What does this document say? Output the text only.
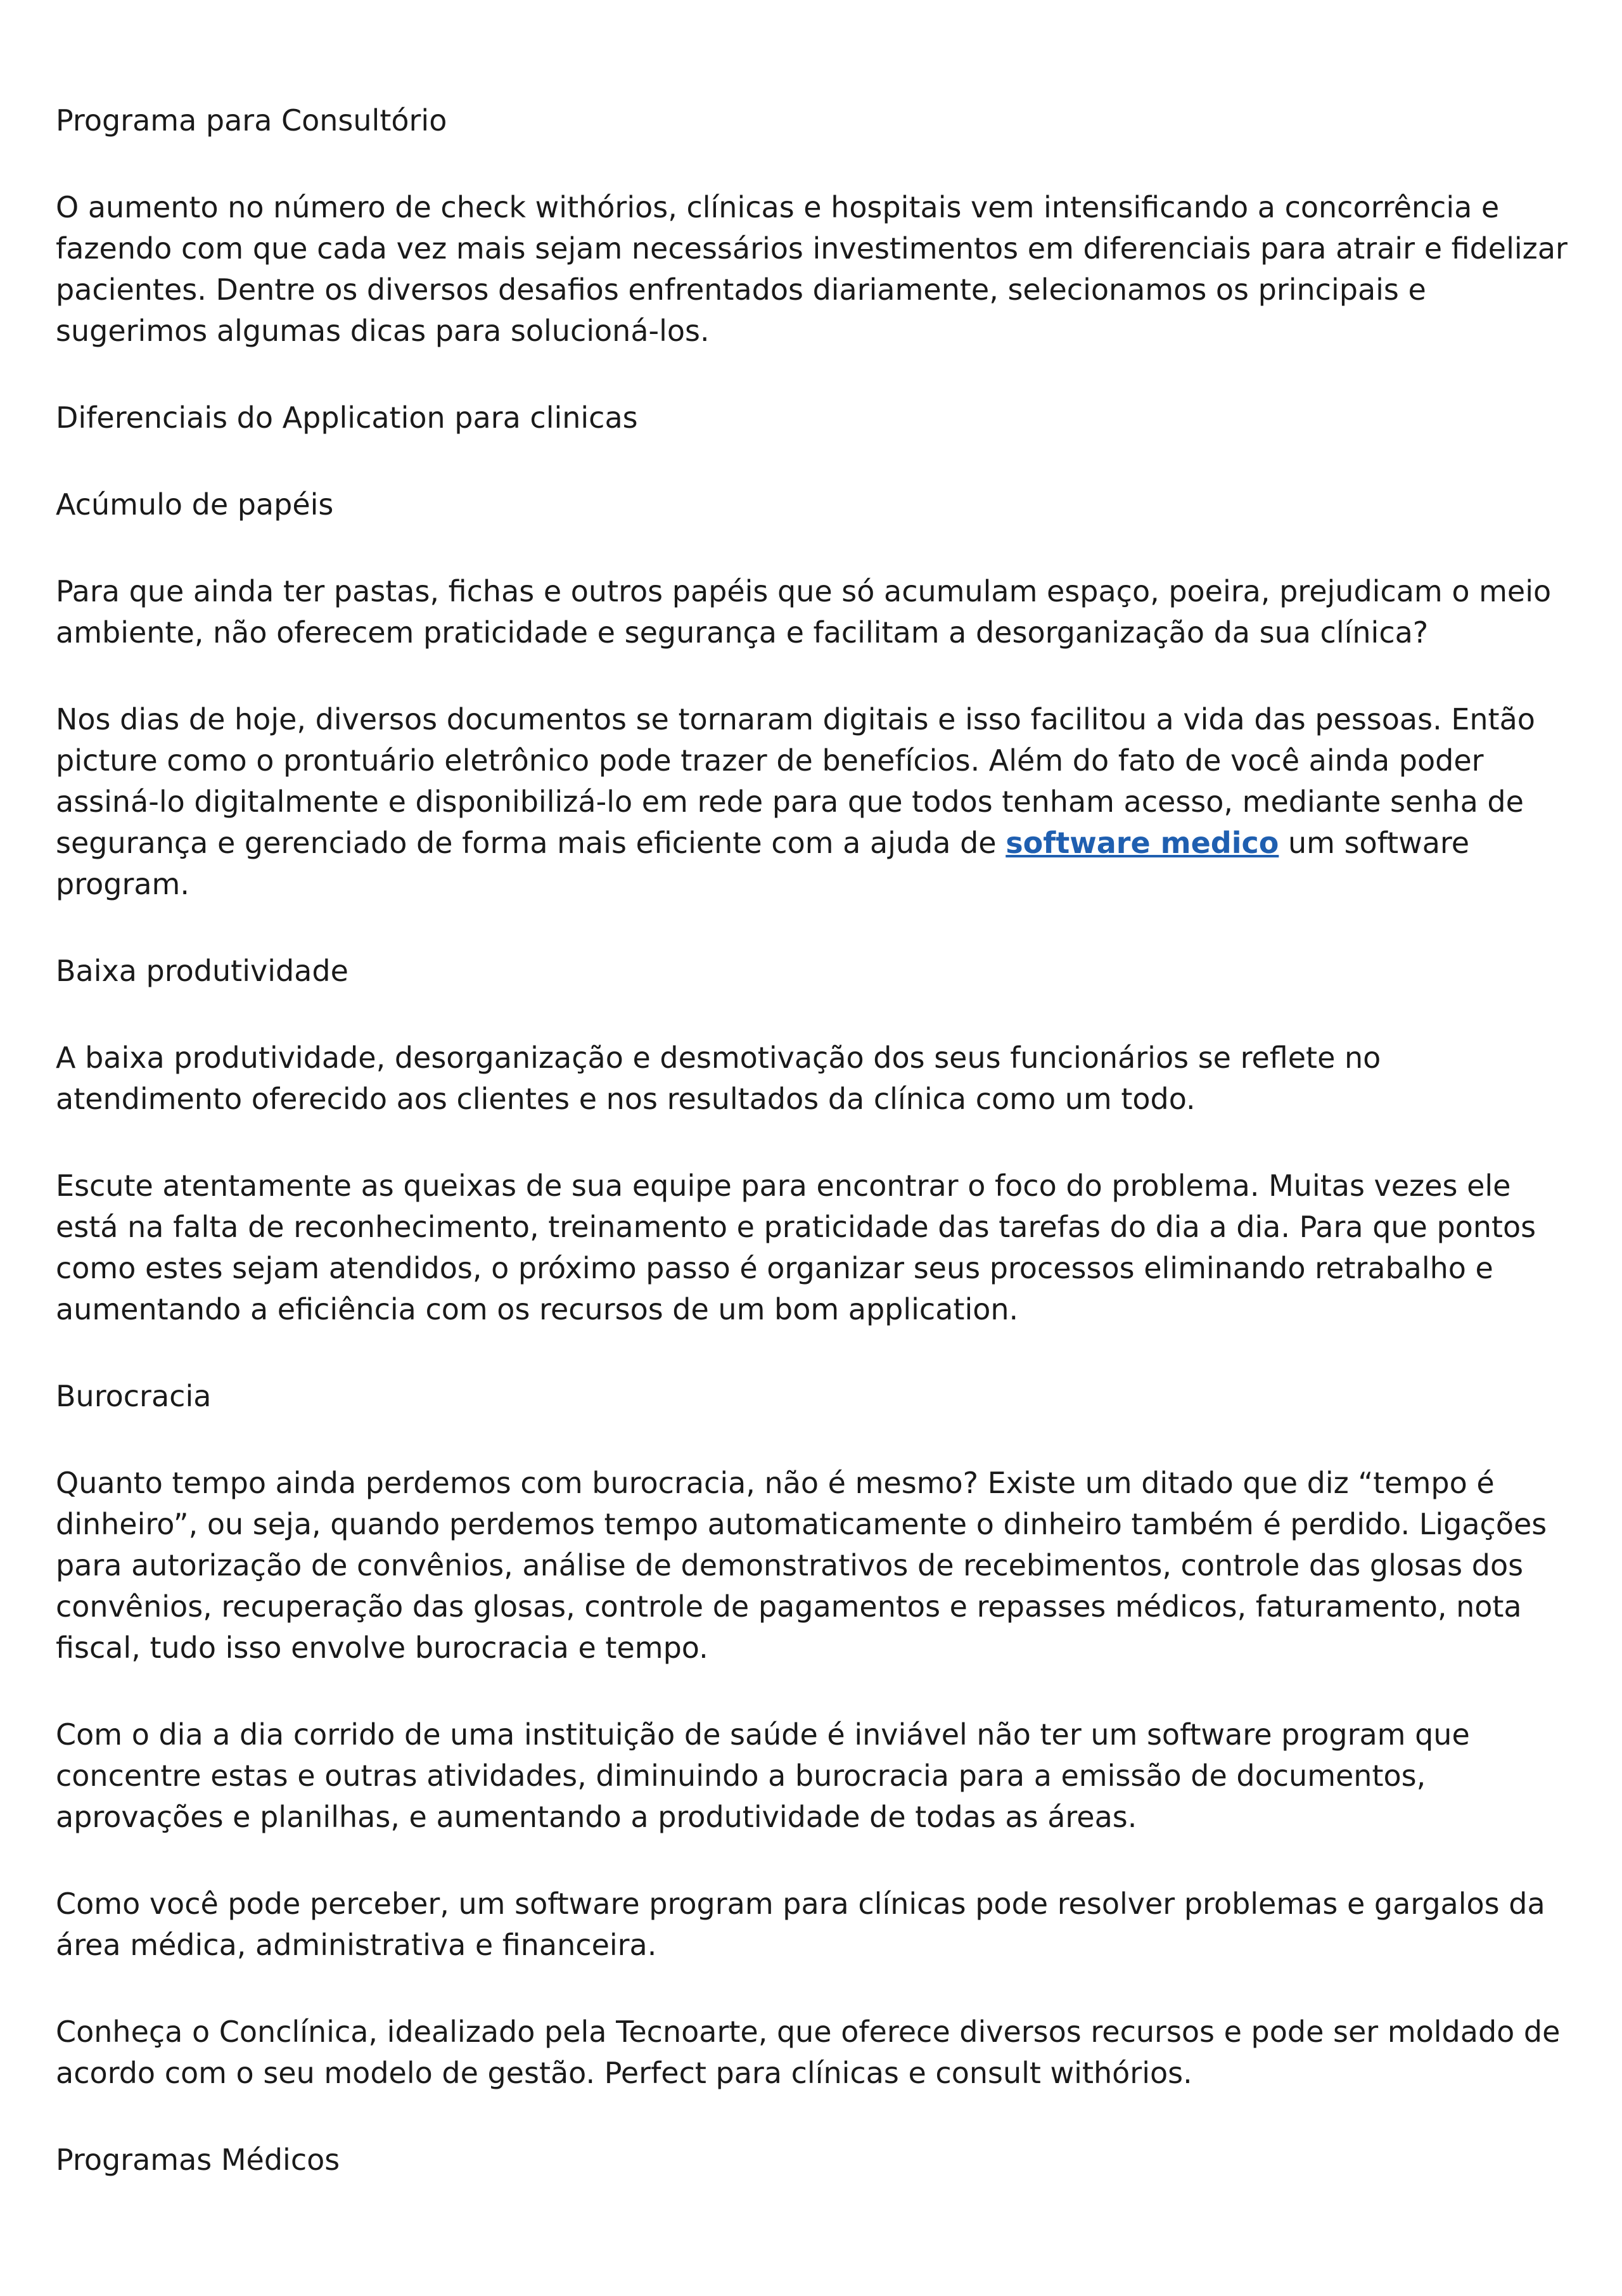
Programa para Consultório

O aumento no número de check withórios, clínicas e hospitais vem intensificando a concorrência e fazendo com que cada vez mais sejam necessários investimentos em diferenciais para atrair e fidelizar pacientes. Dentre os diversos desafios enfrentados diariamente, selecionamos os principais e sugerimos algumas dicas para solucioná-los.

Diferenciais do Application para clinicas

Acúmulo de papéis

Para que ainda ter pastas, fichas e outros papéis que só acumulam espaço, poeira, prejudicam o meio ambiente, não oferecem praticidade e segurança e facilitam a desorganização da sua clínica?

Nos dias de hoje, diversos documentos se tornaram digitais e isso facilitou a vida das pessoas. Então picture como o prontuário eletrônico pode trazer de benefícios. Além do fato de você ainda poder assiná-lo digitalmente e disponibilizá-lo em rede para que todos tenham acesso, mediante senha de segurança e gerenciado de forma mais eficiente com a ajuda de software medico um software program.

Baixa produtividade

A baixa produtividade, desorganização e desmotivação dos seus funcionários se reflete no atendimento oferecido aos clientes e nos resultados da clínica como um todo.

Escute atentamente as queixas de sua equipe para encontrar o foco do problema. Muitas vezes ele está na falta de reconhecimento, treinamento e praticidade das tarefas do dia a dia. Para que pontos como estes sejam atendidos, o próximo passo é organizar seus processos eliminando retrabalho e aumentando a eficiência com os recursos de um bom application.

Burocracia

Quanto tempo ainda perdemos com burocracia, não é mesmo? Existe um ditado que diz “tempo é dinheiro”, ou seja, quando perdemos tempo automaticamente o dinheiro também é perdido. Ligações para autorização de convênios, análise de demonstrativos de recebimentos, controle das glosas dos convênios, recuperação das glosas, controle de pagamentos e repasses médicos, faturamento, nota fiscal, tudo isso envolve burocracia e tempo.

Com o dia a dia corrido de uma instituição de saúde é inviável não ter um software program que concentre estas e outras atividades, diminuindo a burocracia para a emissão de documentos, aprovações e planilhas, e aumentando a produtividade de todas as áreas.

Como você pode perceber, um software program para clínicas pode resolver problemas e gargalos da área médica, administrativa e financeira.

Conheça o Conclínica, idealizado pela Tecnoarte, que oferece diversos recursos e pode ser moldado de acordo com o seu modelo de gestão. Perfect para clínicas e consult withórios.

Programas Médicos
